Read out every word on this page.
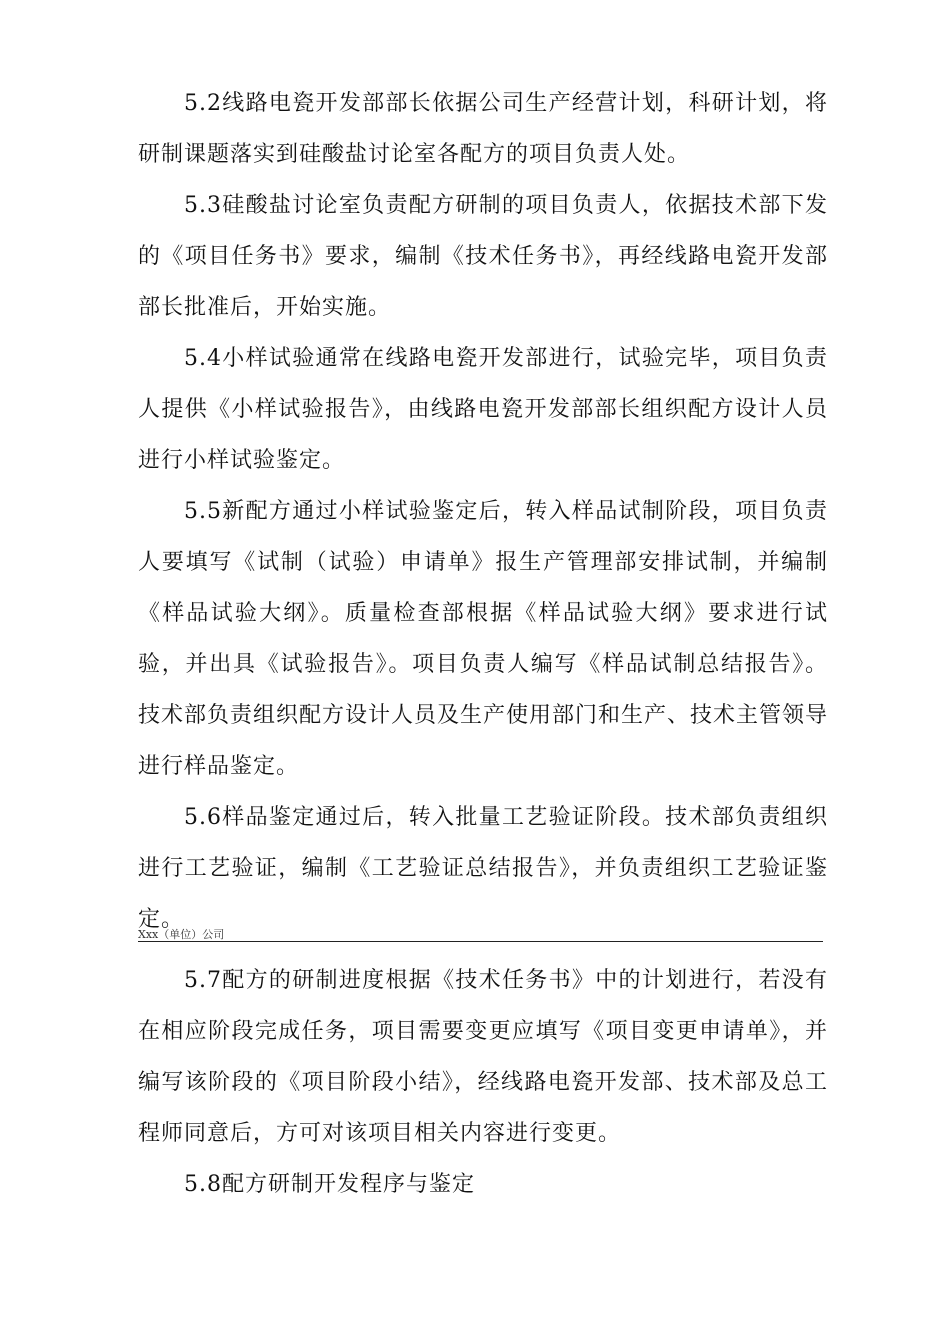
5.2线路电瓷开发部部长依据公司生产经营计划，科研计划，将研制课题落实到硅酸盐讨论室各配方的项目负责人处。

5.3硅酸盐讨论室负责配方研制的项目负责人，依据技术部下发的《项目任务书》要求，编制《技术任务书》，再经线路电瓷开发部部长批准后，开始实施。

5.4小样试验通常在线路电瓷开发部进行，试验完毕，项目负责人提供《小样试验报告》，由线路电瓷开发部部长组织配方设计人员进行小样试验鉴定。

5.5新配方通过小样试验鉴定后，转入样品试制阶段，项目负责人要填写《试制（试验）申请单》报生产管理部安排试制，并编制《样品试验大纲》。质量检查部根据《样品试验大纲》要求进行试验，并出具《试验报告》。项目负责人编写《样品试制总结报告》。技术部负责组织配方设计人员及生产使用部门和生产、技术主管领导进行样品鉴定。

5.6样品鉴定通过后，转入批量工艺验证阶段。技术部负责组织进行工艺验证，编制《工艺验证总结报告》，并负责组织工艺验证鉴定。

Xxx（单位）公司

5.7配方的研制进度根据《技术任务书》中的计划进行，若没有在相应阶段完成任务，项目需要变更应填写《项目变更申请单》，并编写该阶段的《项目阶段小结》，经线路电瓷开发部、技术部及总工程师同意后，方可对该项目相关内容进行变更。

5.8配方研制开发程序与鉴定
